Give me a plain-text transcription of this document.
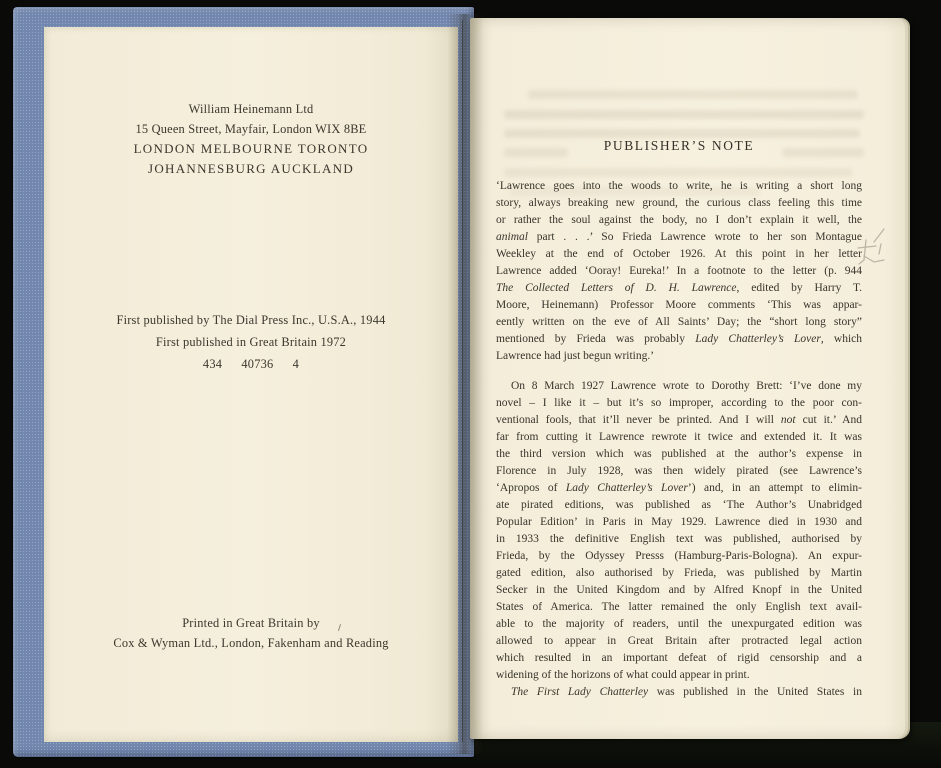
William Heinemann Ltd
15 Queen Street, Mayfair, London WIX 8BE
LONDON MELBOURNE TORONTO
JOHANNESBURG AUCKLAND
First published by The Dial Press Inc., U.S.A., 1944
First published in Great Britain 1972
434 40736 4
Printed in Great Britain by
Cox & Wyman Ltd., London, Fakenham and Reading
PUBLISHER’S NOTE
‘Lawrence goes into the woods to write, he is writing a short long
story, always breaking new ground, the curious class feeling this time
or rather the soul against the body, no I don’t explain it well, the
animal part . . .’ So Frieda Lawrence wrote to her son Montague
Weekley at the end of October 1926. At this point in her letter
Lawrence added ‘Ooray! Eureka!’ In a footnote to the letter (p. 944
The Collected Letters of D. H. Lawrence, edited by Harry T.
Moore, Heinemann) Professor Moore comments ‘This was appar-
eently written on the eve of All Saints’ Day; the “short long story”
mentioned by Frieda was probably Lady Chatterley’s Lover, which
Lawrence had just begun writing.’
On 8 March 1927 Lawrence wrote to Dorothy Brett: ‘I’ve done my
novel – I like it – but it’s so improper, according to the poor con-
ventional fools, that it’ll never be printed. And I will not cut it.’ And
far from cutting it Lawrence rewrote it twice and extended it. It was
the third version which was published at the author’s expense in
Florence in July 1928, was then widely pirated (see Lawrence’s
‘Apropos of Lady Chatterley’s Lover’) and, in an attempt to elimin-
ate pirated editions, was published as ‘The Author’s Unabridged
Popular Edition’ in Paris in May 1929. Lawrence died in 1930 and
in 1933 the definitive English text was published, authorised by
Frieda, by the Odyssey Presss (Hamburg-Paris-Bologna). An expur-
gated edition, also authorised by Frieda, was published by Martin
Secker in the United Kingdom and by Alfred Knopf in the United
States of America. The latter remained the only English text avail-
able to the majority of readers, until the unexpurgated edition was
allowed to appear in Great Britain after protracted legal action
which resulted in an important defeat of rigid censorship and a
widening of the horizons of what could appear in print.
The First Lady Chatterley was published in the United States in
